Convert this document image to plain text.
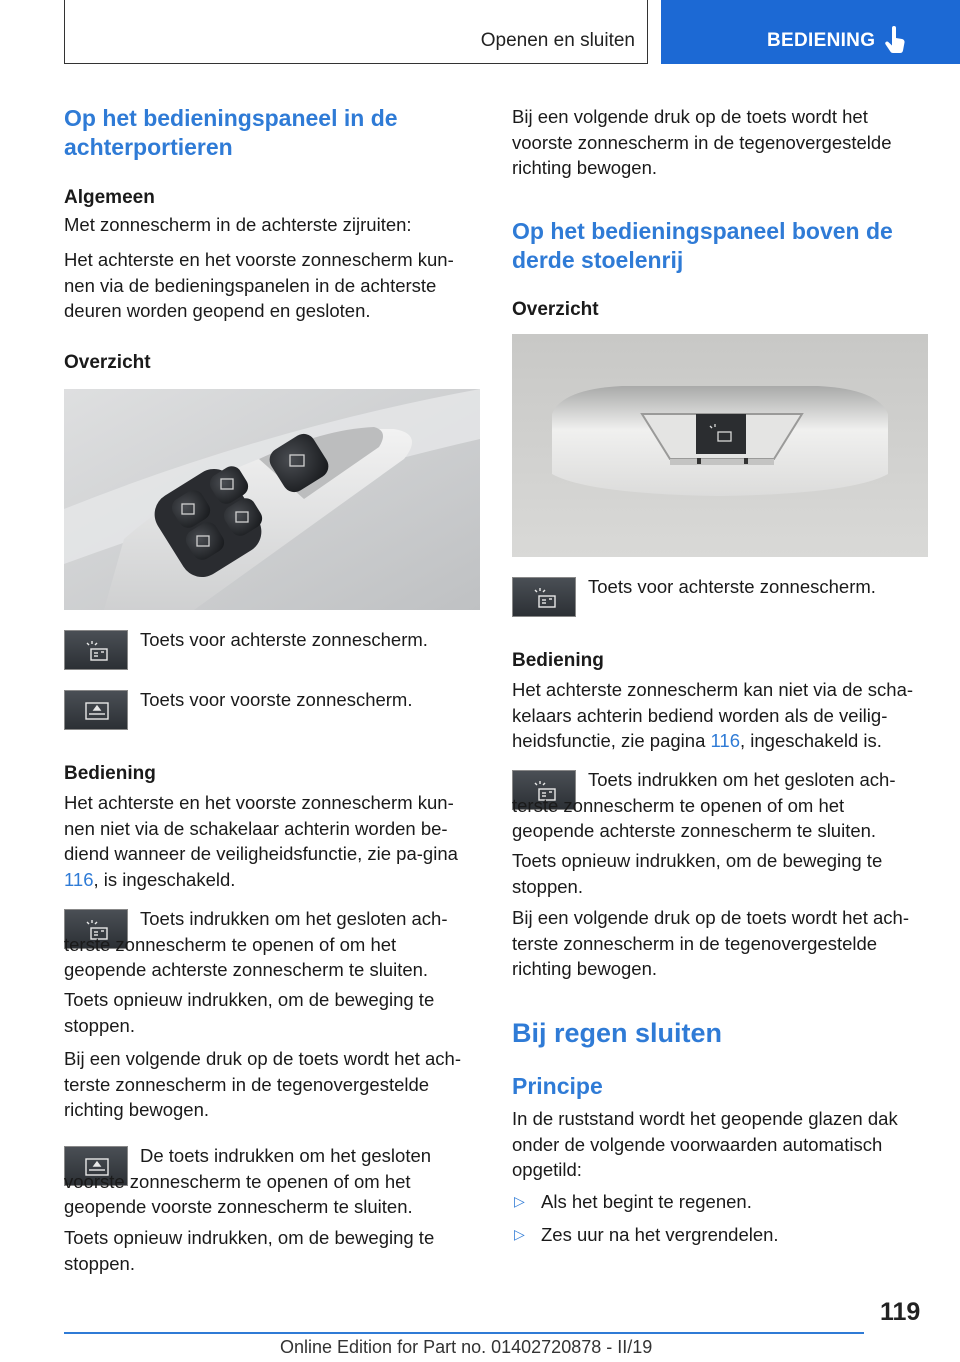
Openen en sluiten	BEDIENING
Op het bedieningspaneel in de achterportieren
Algemeen

Met zonnescherm in de achterste zijruiten:

Het achterste en het voorste zonnescherm kun-nen via de bedieningspanelen in de achterste deuren worden geopend en gesloten.

Overzicht

Toets voor achterste zonnescherm.

Toets voor voorste zonnescherm.

Bediening

Het achterste en het voorste zonnescherm kun-nen niet via de schakelaar achterin worden be-diend wanneer de veiligheidsfunctie, zie pa-gina 116, is ingeschakeld.

Toets indrukken om het gesloten ach-terste zonnescherm te openen of om het geopende achterste zonnescherm te sluiten.

Toets opnieuw indrukken, om de beweging te stoppen.

Bij een volgende druk op de toets wordt het ach-terste zonnescherm in de tegenovergestelde richting bewogen.

De toets indrukken om het gesloten voorste zonnescherm te openen of om het geopende voorste zonnescherm te sluiten.

Toets opnieuw indrukken, om de beweging te stoppen.

Bij een volgende druk op de toets wordt het voorste zonnescherm in de tegenovergestelde richting bewogen.

Op het bedieningspaneel boven de derde stoelenrij
Overzicht

Toets voor achterste zonnescherm.

Bediening

Het achterste zonnescherm kan niet via de scha-kelaars achterin bediend worden als de veilig-heidsfunctie, zie pagina 116, ingeschakeld is.

Toets indrukken om het gesloten ach-terste zonnescherm te openen of om het geopende achterste zonnescherm te sluiten.

Toets opnieuw indrukken, om de beweging te stoppen.

Bij een volgende druk op de toets wordt het ach-terste zonnescherm in de tegenovergestelde richting bewogen.

Bij regen sluiten
Principe

In de ruststand wordt het geopende glazen dak onder de volgende voorwaarden automatisch opgetild:

▷ Als het begint te regenen.
▷ Zes uur na het vergrendelen.
119
Online Edition for Part no. 01402720878 - II/19
